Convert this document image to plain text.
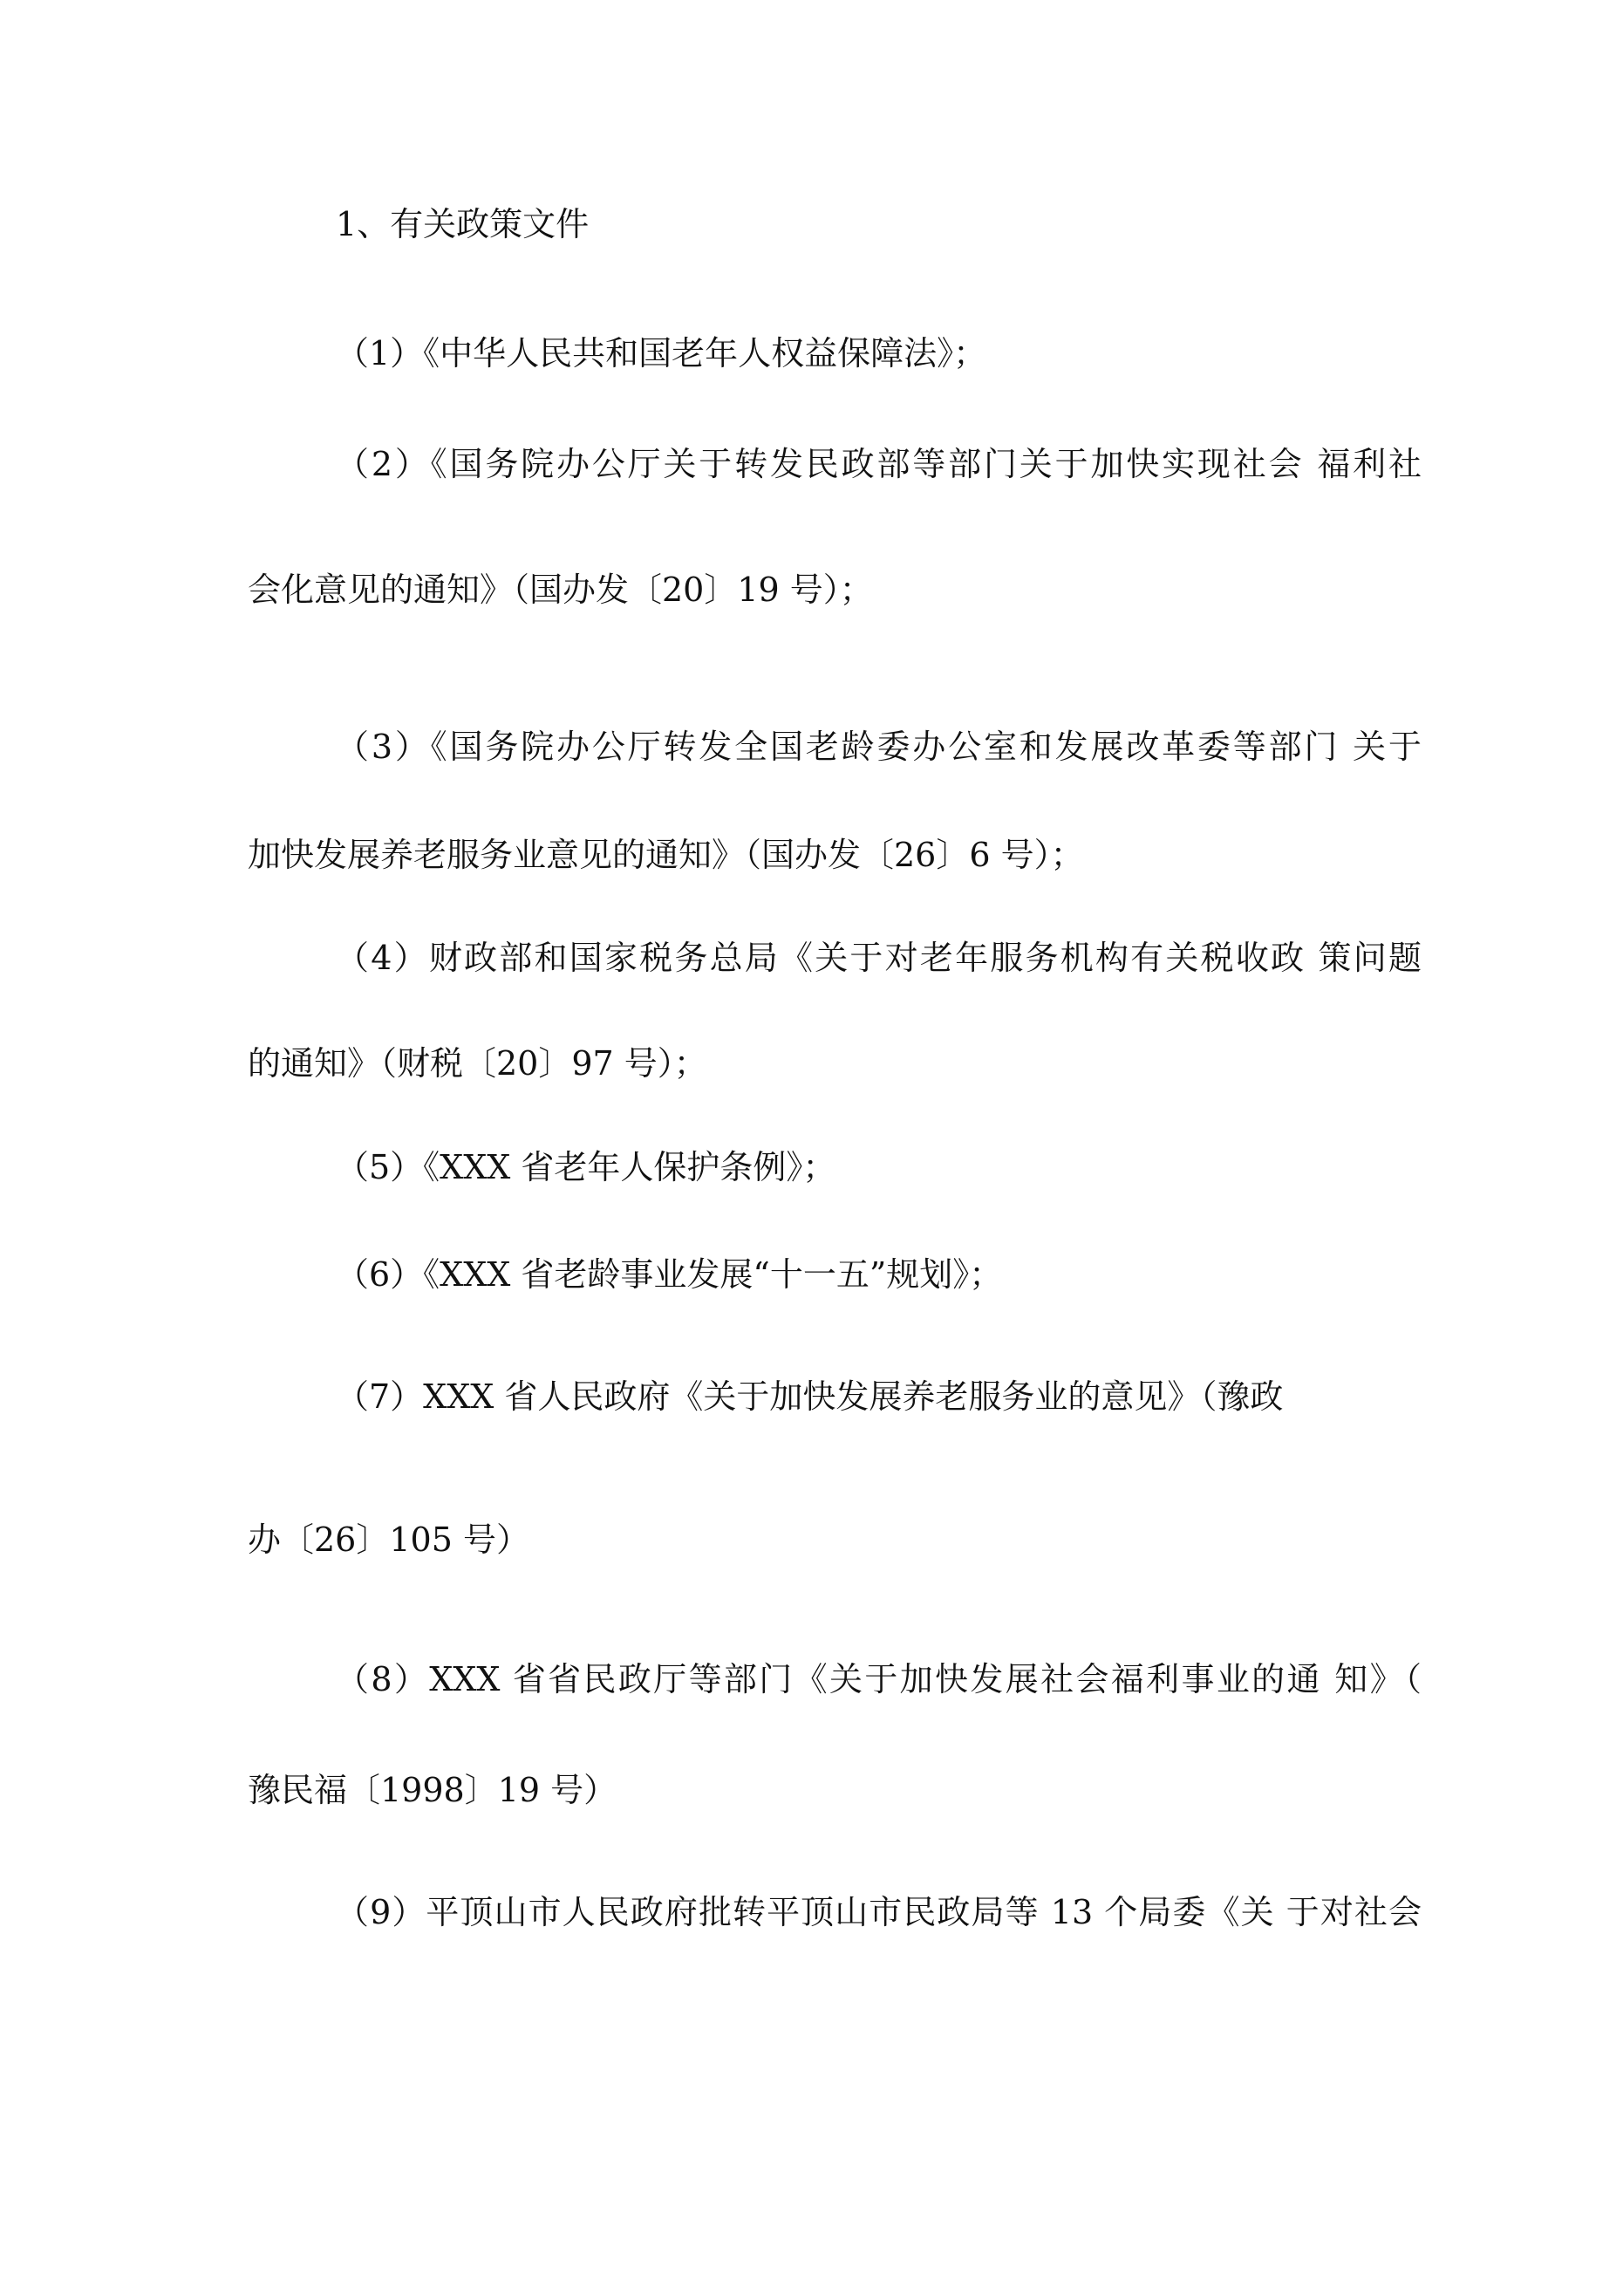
1、有关政策文件
（1）《中华人民共和国老年人权益保障法》；
（2）《国务院办公厅关于转发民政部等部门关于加快实现社会 福利社
会化意见的通知》（国办发〔20〕19 号）；
（3）《国务院办公厅转发全国老龄委办公室和发展改革委等部门 关于
加快发展养老服务业意见的通知》（国办发〔26〕6 号）；
（4）财政部和国家税务总局《关于对老年服务机构有关税收政 策问题
的通知》（财税〔20〕97 号）；
（5）《XXX 省老年人保护条例》；
（6）《XXX 省老龄事业发展“十一五”规划》；
（7）XXX 省人民政府《关于加快发展养老服务业的意见》（豫政
办〔26〕105 号）
（8）XXX 省省民政厅等部门《关于加快发展社会福利事业的通 知》（
豫民福〔1998〕19 号）
（9）平顶山市人民政府批转平顶山市民政局等 13 个局委《关 于对社会
